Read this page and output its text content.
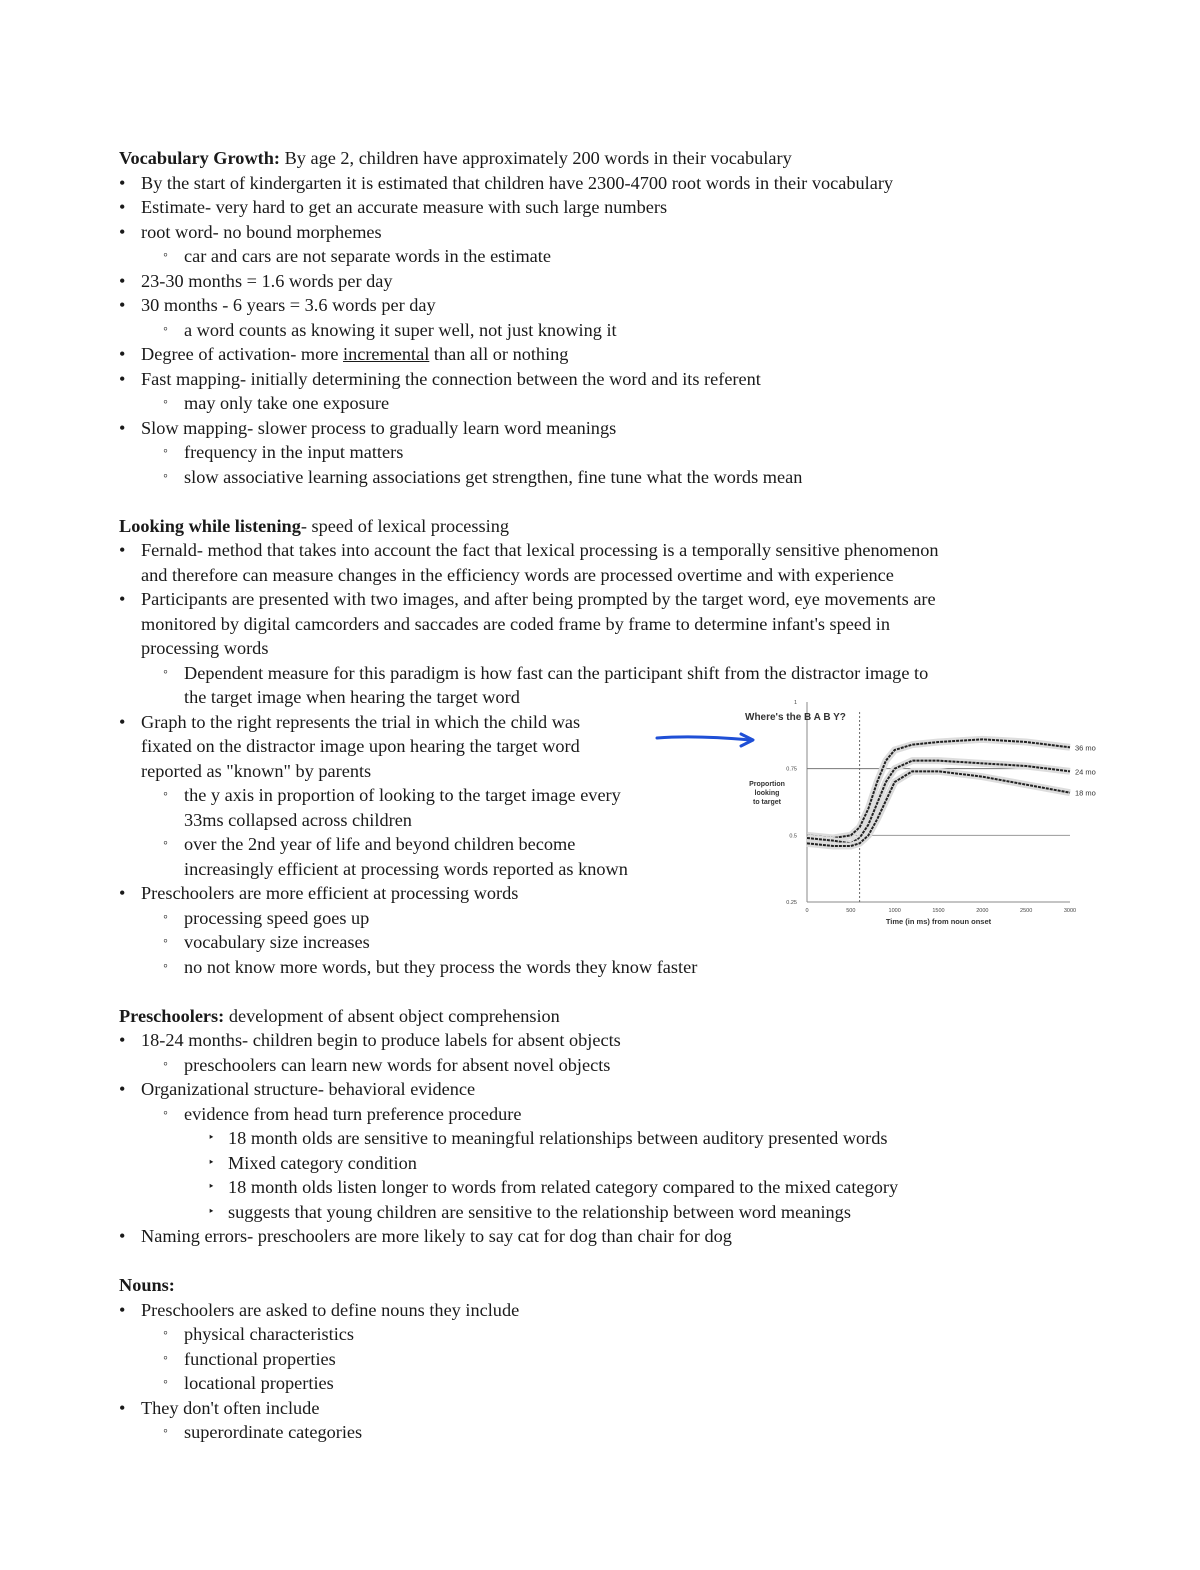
Vocabulary Growth: By age 2, children have approximately 200 words in their vocabulary
• By the start of kindergarten it is estimated that children have 2300-4700 root words in their vocabulary
• Estimate- very hard to get an accurate measure with such large numbers
• root word- no bound morphemes
◦ car and cars are not separate words in the estimate
• 23-30 months = 1.6 words per day
• 30 months - 6 years = 3.6 words per day
◦ a word counts as knowing it super well, not just knowing it
• Degree of activation- more incremental than all or nothing
• Fast mapping- initially determining the connection between the word and its referent
◦ may only take one exposure
• Slow mapping- slower process to gradually learn word meanings
◦ frequency in the input matters
◦ slow associative learning associations get strengthen, fine tune what the words mean
Looking while listening- speed of lexical processing
• Fernald- method that takes into account the fact that lexical processing is a temporally sensitive phenomenon
and therefore can measure changes in the efficiency words are processed overtime and with experience
• Participants are presented with two images, and after being prompted by the target word, eye movements are
monitored by digital camcorders and saccades are coded frame by frame to determine infant's speed in
processing words
◦ Dependent measure for this paradigm is how fast can the participant shift from the distractor image to
the target image when hearing the target word
• Graph to the right represents the trial in which the child was
fixated on the distractor image upon hearing the target word
reported as "known" by parents
◦ the y axis in proportion of looking to the target image every
33ms collapsed across children
◦ over the 2nd year of life and beyond children become
increasingly efficient at processing words reported as known
• Preschoolers are more efficient at processing words
◦ processing speed goes up
◦ vocabulary size increases
◦ no not know more words, but they process the words they know faster
Preschoolers: development of absent object comprehension
• 18-24 months- children begin to produce labels for absent objects
◦ preschoolers can learn new words for absent novel objects
• Organizational structure- behavioral evidence
◦ evidence from head turn preference procedure
‣ 18 month olds are sensitive to meaningful relationships between auditory presented words
‣ Mixed category condition
‣ 18 month olds listen longer to words from related category compared to the mixed category
‣ suggests that young children are sensitive to the relationship between word meanings
• Naming errors- preschoolers are more likely to say cat for dog than chair for dog
Nouns:
• Preschoolers are asked to define nouns they include
◦ physical characteristics
◦ functional properties
◦ locational properties
• They don't often include
◦ superordinate categories
0.25
0.5
0.75
1
0	500	1000	1500	2000	2500	3000
Where's the B A B Y?
Proportion looking to target
Time (in ms) from noun onset
36 mo
24 mo
18 mo
